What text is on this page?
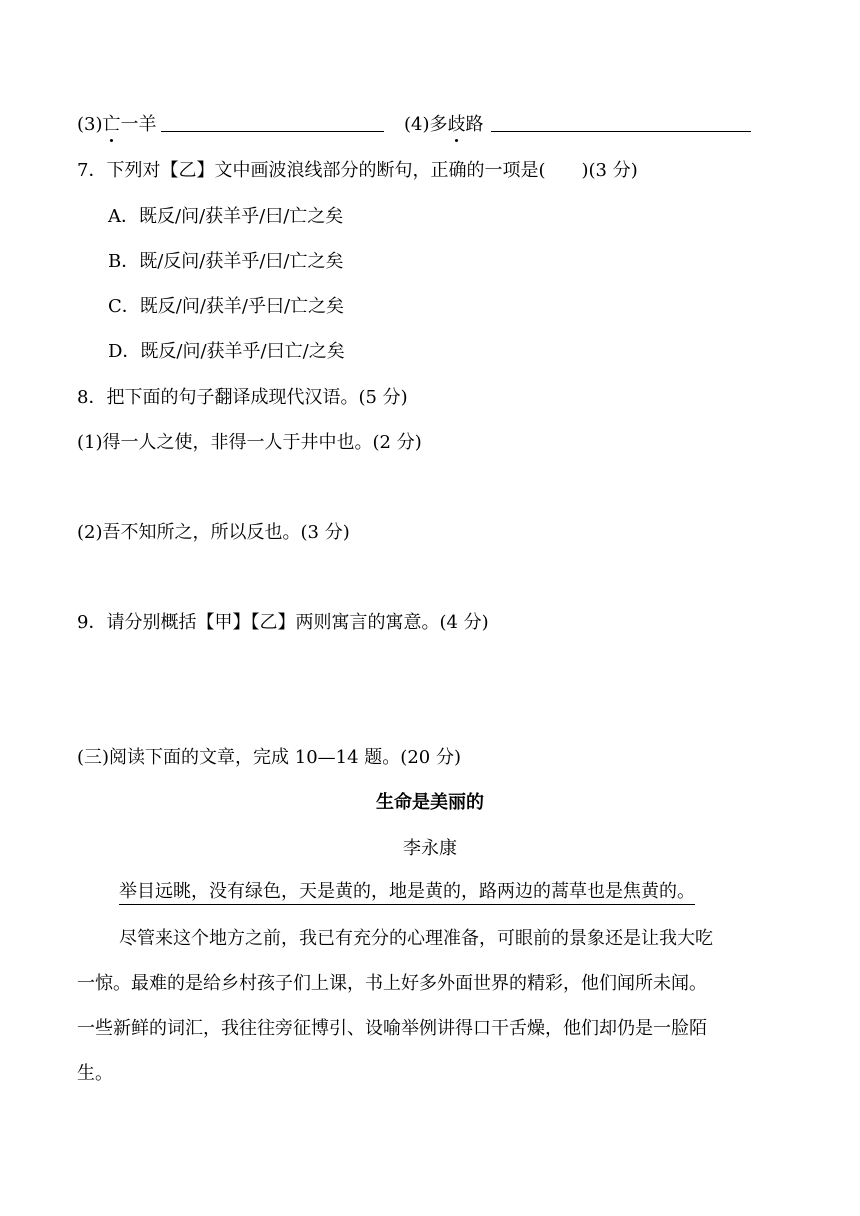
(3)亡一羊	(4)多歧路
7．下列对【乙】文中画波浪线部分的断句，正确的一项是( )(3 分)
A．既反/问/获羊乎/曰/亡之矣
B．既/反问/获羊乎/曰/亡之矣
C．既反/问/获羊/乎曰/亡之矣
D．既反/问/获羊乎/曰亡/之矣
8．把下面的句子翻译成现代汉语。(5 分)
(1)得一人之使，非得一人于井中也。(2 分)
(2)吾不知所之，所以反也。(3 分)
9．请分别概括【甲】【乙】两则寓言的寓意。(4 分)
(三)阅读下面的文章，完成 10—14 题。(20 分)
生命是美丽的
李永康
举目远眺，没有绿色，天是黄的，地是黄的，路两边的蒿草也是焦黄的。
尽管来这个地方之前，我已有充分的心理准备，可眼前的景象还是让我大吃
一惊。最难的是给乡村孩子们上课，书上好多外面世界的精彩，他们闻所未闻。
一些新鲜的词汇，我往往旁征博引、设喻举例讲得口干舌燥，他们却仍是一脸陌
生。
